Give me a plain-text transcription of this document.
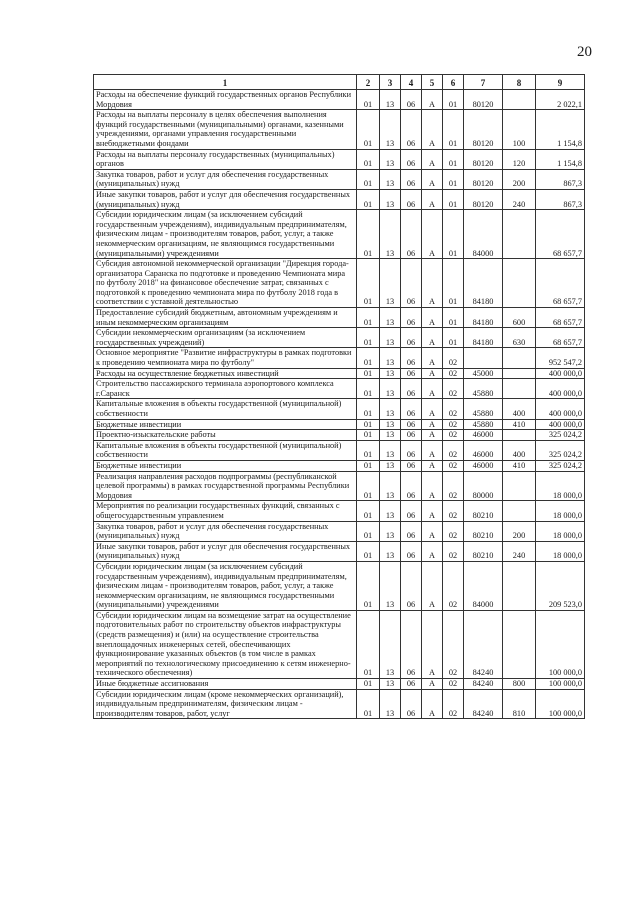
20
1	2	3	4	5	6	7	8	9
Расходы на обеспечение функций государственных органов Республики Мордовия	01	13	06	А	01	80120		2 022,1
Расходы на выплаты персоналу в целях обеспечения выполнения функций государственными (муниципальными) органами, казенными учреждениями, органами управления государственными внебюджетными фондами	01	13	06	А	01	80120	100	1 154,8
Расходы на выплаты персоналу государственных (муниципальных) органов	01	13	06	А	01	80120	120	1 154,8
Закупка товаров, работ и услуг для обеспечения государственных (муниципальных) нужд	01	13	06	А	01	80120	200	867,3
Иные закупки товаров, работ и услуг для обеспечения государственных (муниципальных) нужд	01	13	06	А	01	80120	240	867,3
Субсидии юридическим лицам (за исключением субсидий государственным учреждениям), индивидуальным предпринимателям, физическим лицам - производителям товаров, работ, услуг, а также некоммерческим организациям, не являющимся государственными (муниципальными) учреждениями	01	13	06	А	01	84000		68 657,7
Субсидия автономной некоммерческой организации "Дирекция города-организатора Саранска по подготовке и проведению Чемпионата мира по футболу 2018" на финансовое обеспечение затрат, связанных с подготовкой к проведению чемпионата мира по футболу 2018 года в соответствии с уставной деятельностью	01	13	06	А	01	84180		68 657,7
Предоставление субсидий бюджетным, автономным учреждениям и иным некоммерческим организациям	01	13	06	А	01	84180	600	68 657,7
Субсидии некоммерческим организациям (за исключением государственных учреждений)	01	13	06	А	01	84180	630	68 657,7
Основное мероприятие "Развитие инфраструктуры в рамках подготовки к проведению чемпионата мира по футболу"	01	13	06	А	02			952 547,2
Расходы на осуществление бюджетных инвестиций	01	13	06	А	02	45000		400 000,0
Строительство пассажирского терминала аэропортового комплекса г.Саранск	01	13	06	А	02	45880		400 000,0
Капитальные вложения в объекты государственной (муниципальной) собственности	01	13	06	А	02	45880	400	400 000,0
Бюджетные инвестиции	01	13	06	А	02	45880	410	400 000,0
Проектно-изыскательские работы	01	13	06	А	02	46000		325 024,2
Капитальные вложения в объекты государственной (муниципальной) собственности	01	13	06	А	02	46000	400	325 024,2
Бюджетные инвестиции	01	13	06	А	02	46000	410	325 024,2
Реализация направления расходов подпрограммы (республиканской целевой программы) в рамках государственной программы Республики Мордовия	01	13	06	А	02	80000		18 000,0
Мероприятия по реализации государственных функций, связанных с общегосударственным управлением	01	13	06	А	02	80210		18 000,0
Закупка товаров, работ и услуг для обеспечения государственных (муниципальных) нужд	01	13	06	А	02	80210	200	18 000,0
Иные закупки товаров, работ и услуг для обеспечения государственных (муниципальных) нужд	01	13	06	А	02	80210	240	18 000,0
Субсидии юридическим лицам (за исключением субсидий государственным учреждениям), индивидуальным предпринимателям, физическим лицам - производителям товаров, работ, услуг, а также некоммерческим организациям, не являющимся государственными (муниципальными) учреждениями	01	13	06	А	02	84000		209 523,0
Субсидии юридическим лицам на возмещение затрат на осуществление подготовительных работ по строительству объектов инфраструктуры (средств размещения) и (или) на осуществление строительства внеплощадочных инженерных сетей, обеспечивающих функционирование указанных объектов (в том числе в рамках мероприятий по технологическому присоединению к сетям инженерно-технического обеспечения)	01	13	06	А	02	84240		100 000,0
Иные бюджетные ассигнования	01	13	06	А	02	84240	800	100 000,0
Субсидии юридическим лицам (кроме некоммерческих организаций), индивидуальным предпринимателям, физическим лицам - производителям товаров, работ, услуг	01	13	06	А	02	84240	810	100 000,0
